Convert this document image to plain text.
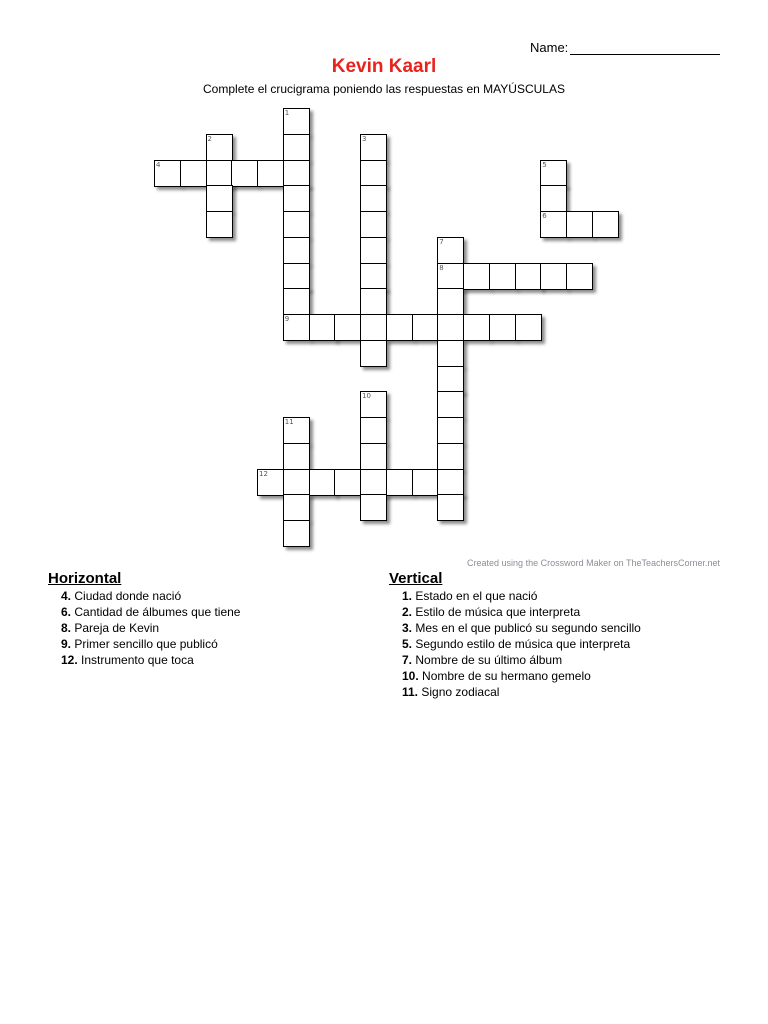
Name:
Kevin Kaarl
Complete el crucigrama poniendo las respuestas en MAYÚSCULAS
1
2	3
4	5
6
7
8
9
10
11
12
Created using the Crossword Maker on TheTeachersCorner.net
Horizontal
4. Ciudad donde nació
6. Cantidad de álbumes que tiene
8. Pareja de Kevin
9. Primer sencillo que publicó
12. Instrumento que toca
Vertical
1. Estado en el que nació
2. Estilo de música que interpreta
3. Mes en el que publicó su segundo sencillo
5. Segundo estilo de música que interpreta
7. Nombre de su último álbum
10. Nombre de su hermano gemelo
11. Signo zodiacal
